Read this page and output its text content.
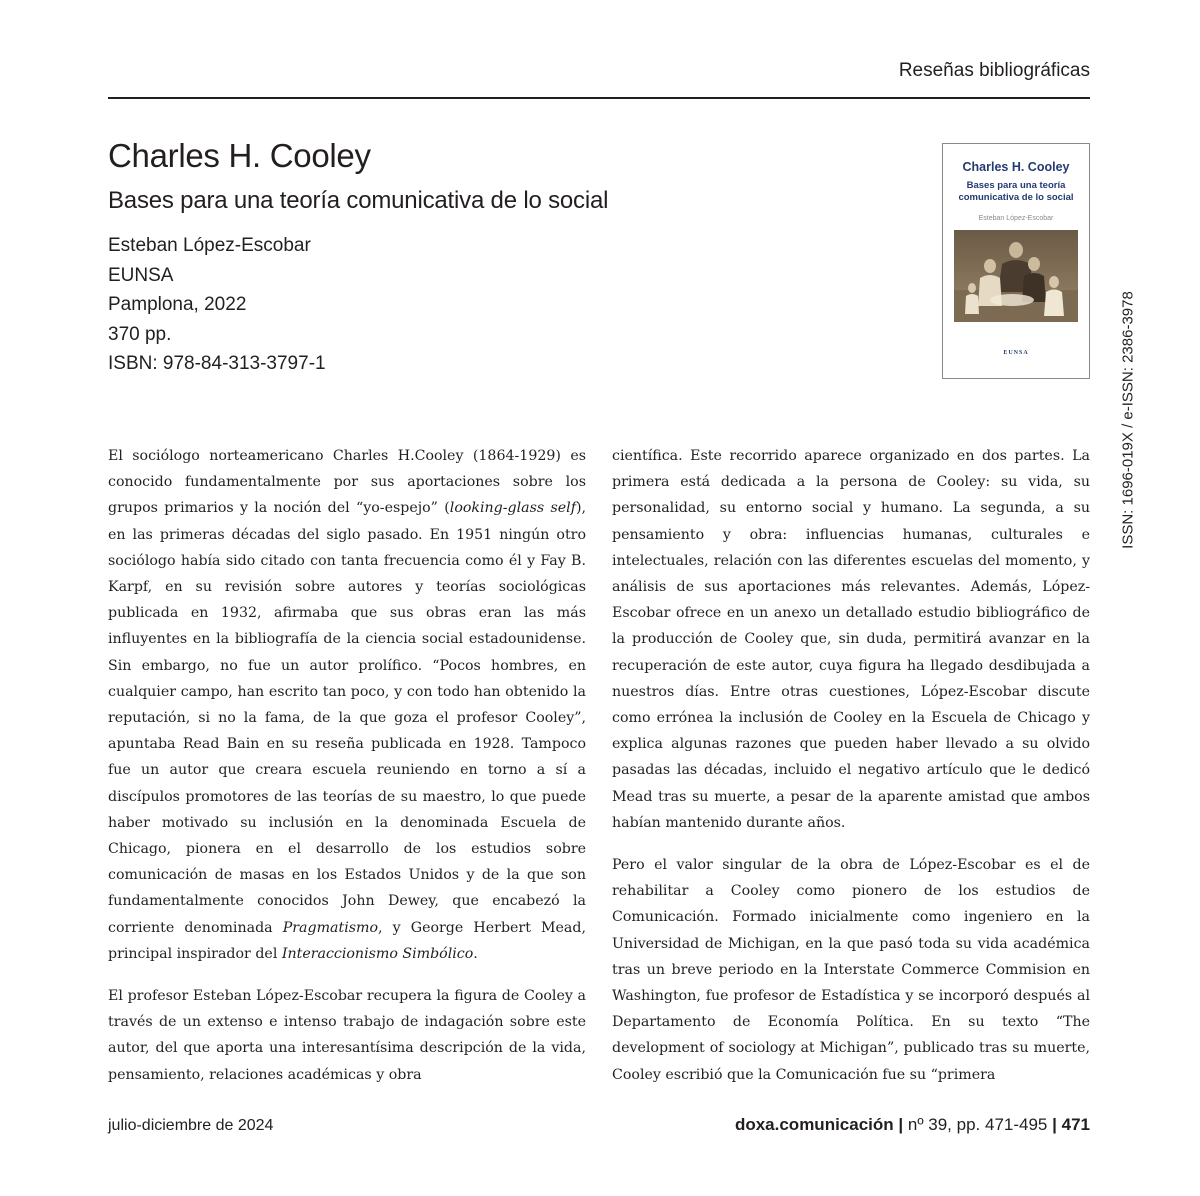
Reseñas bibliográficas
Charles H. Cooley
Bases para una teoría comunicativa de lo social
Esteban López-Escobar
EUNSA
Pamplona, 2022
370 pp.
ISBN: 978-84-313-3797-1
Charles H. Cooley
Bases para una teoría
comunicativa de lo social
Esteban López-Escobar
EUNSA	ISSN: 1696-019X / e-ISSN: 2386-3978

El sociólogo norteamericano Charles H.Cooley (1864-1929) es conocido fundamentalmente por sus aportaciones sobre los grupos primarios y la noción del “yo-espejo” (looking-glass self), en las primeras décadas del siglo pasado. En 1951 ningún otro sociólogo había sido citado con tanta frecuencia como él y Fay B. Karpf, en su revisión sobre autores y teorías sociológicas publicada en 1932, afirmaba que sus obras eran las más influyentes en la bibliografía de la ciencia social estadounidense. Sin embargo, no fue un autor prolífico. “Pocos hombres, en cualquier campo, han escrito tan poco, y con todo han obtenido la reputación, si no la fama, de la que goza el profesor Cooley”, apuntaba Read Bain en su reseña publicada en 1928. Tampoco fue un autor que creara escuela reuniendo en torno a sí a discípulos promotores de las teorías de su maestro, lo que puede haber motivado su inclusión en la denominada Escuela de Chicago, pionera en el desarrollo de los estudios sobre comunicación de masas en los Estados Unidos y de la que son fundamentalmente conocidos John Dewey, que encabezó la corriente denominada Pragmatismo, y George Herbert Mead, principal inspirador del Interaccionismo Simbólico.

El profesor Esteban López-Escobar recupera la figura de Cooley a través de un extenso e intenso trabajo de indagación sobre este autor, del que aporta una interesantísima descripción de la vida, pensamiento, relaciones académicas y obra

científica. Este recorrido aparece organizado en dos partes. La primera está dedicada a la persona de Cooley: su vida, su personalidad, su entorno social y humano. La segunda, a su pensamiento y obra: influencias humanas, culturales e intelectuales, relación con las diferentes escuelas del momento, y análisis de sus aportaciones más relevantes. Además, López-Escobar ofrece en un anexo un detallado estudio bibliográfico de la producción de Cooley que, sin duda, permitirá avanzar en la recuperación de este autor, cuya figura ha llegado desdibujada a nuestros días. Entre otras cuestiones, López-Escobar discute como errónea la inclusión de Cooley en la Escuela de Chicago y explica algunas razones que pueden haber llevado a su olvido pasadas las décadas, incluido el negativo artículo que le dedicó Mead tras su muerte, a pesar de la aparente amistad que ambos habían mantenido durante años.

Pero el valor singular de la obra de López-Escobar es el de rehabilitar a Cooley como pionero de los estudios de Comunicación. Formado inicialmente como ingeniero en la Universidad de Michigan, en la que pasó toda su vida académica tras un breve periodo en la Interstate Commerce Commision en Washington, fue profesor de Estadística y se incorporó después al Departamento de Economía Política. En su texto “The development of sociology at Michigan”, publicado tras su muerte, Cooley escribió que la Comunicación fue su “primera

julio-diciembre de 2024	doxa.comunicación | nº 39, pp. 471-495 | 471
